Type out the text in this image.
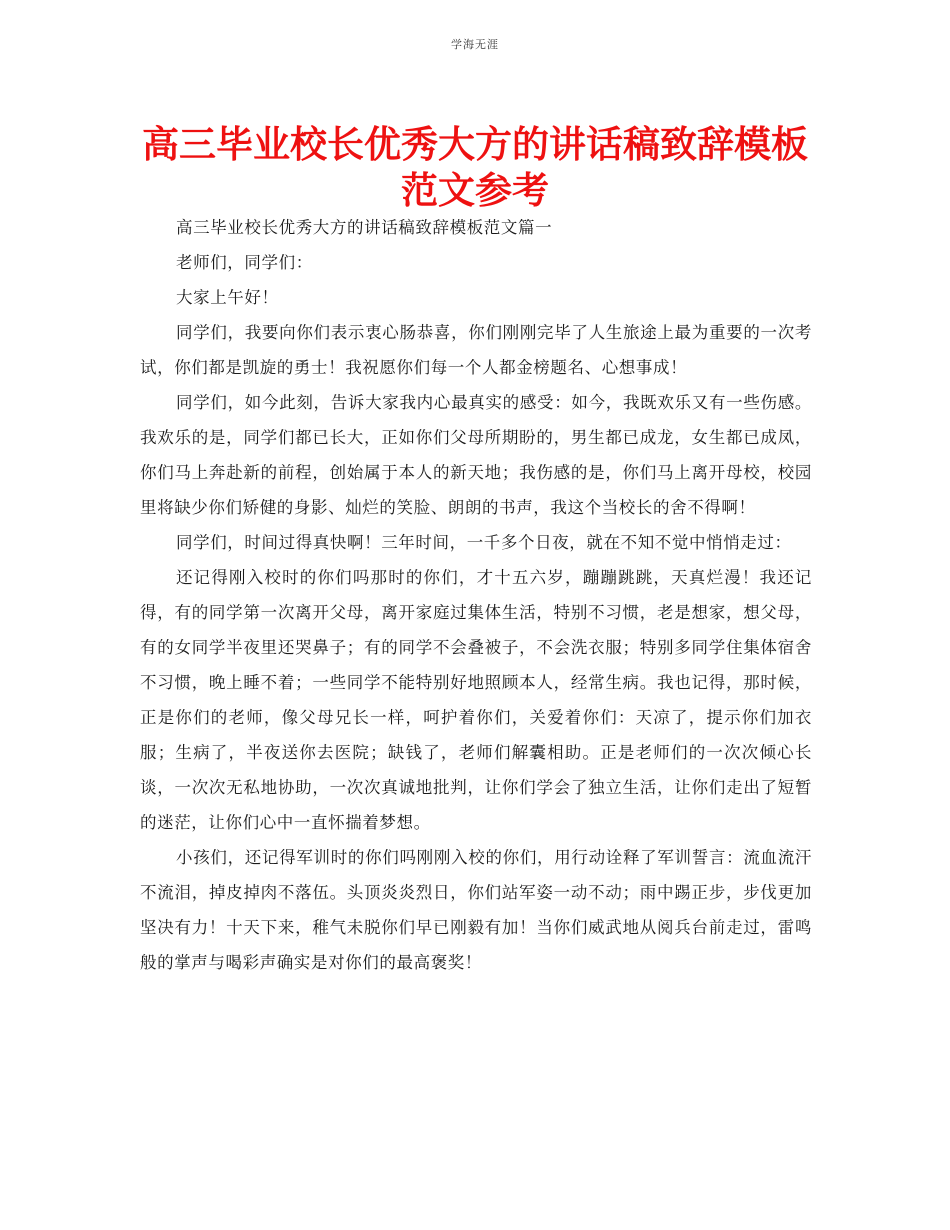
学海无涯
高三毕业校长优秀大方的讲话稿致辞模板范文参考

高三毕业校长优秀大方的讲话稿致辞模板范文篇一

老师们，同学们：

大家上午好！

同学们，我要向你们表示衷心肠恭喜，你们刚刚完毕了人生旅途上最为重要的一次考试，你们都是凯旋的勇士！我祝愿你们每一个人都金榜题名、心想事成！

同学们，如今此刻，告诉大家我内心最真实的感受：如今，我既欢乐又有一些伤感。我欢乐的是，同学们都已长大，正如你们父母所期盼的，男生都已成龙，女生都已成凤，你们马上奔赴新的前程，创始属于本人的新天地；我伤感的是，你们马上离开母校，校园里将缺少你们矫健的身影、灿烂的笑脸、朗朗的书声，我这个当校长的舍不得啊！

同学们，时间过得真快啊！三年时间，一千多个日夜，就在不知不觉中悄悄走过：

还记得刚入校时的你们吗那时的你们，才十五六岁，蹦蹦跳跳，天真烂漫！我还记得，有的同学第一次离开父母，离开家庭过集体生活，特别不习惯，老是想家，想父母，有的女同学半夜里还哭鼻子；有的同学不会叠被子，不会洗衣服；特别多同学住集体宿舍不习惯，晚上睡不着；一些同学不能特别好地照顾本人，经常生病。我也记得，那时候，正是你们的老师，像父母兄长一样，呵护着你们，关爱着你们：天凉了，提示你们加衣服；生病了，半夜送你去医院；缺钱了，老师们解囊相助。正是老师们的一次次倾心长谈，一次次无私地协助，一次次真诚地批判，让你们学会了独立生活，让你们走出了短暂的迷茫，让你们心中一直怀揣着梦想。

小孩们，还记得军训时的你们吗刚刚入校的你们，用行动诠释了军训誓言：流血流汗不流泪，掉皮掉肉不落伍。头顶炎炎烈日，你们站军姿一动不动；雨中踢正步，步伐更加坚决有力！十天下来，稚气未脱你们早已刚毅有加！当你们威武地从阅兵台前走过，雷鸣般的掌声与喝彩声确实是对你们的最高褒奖！
